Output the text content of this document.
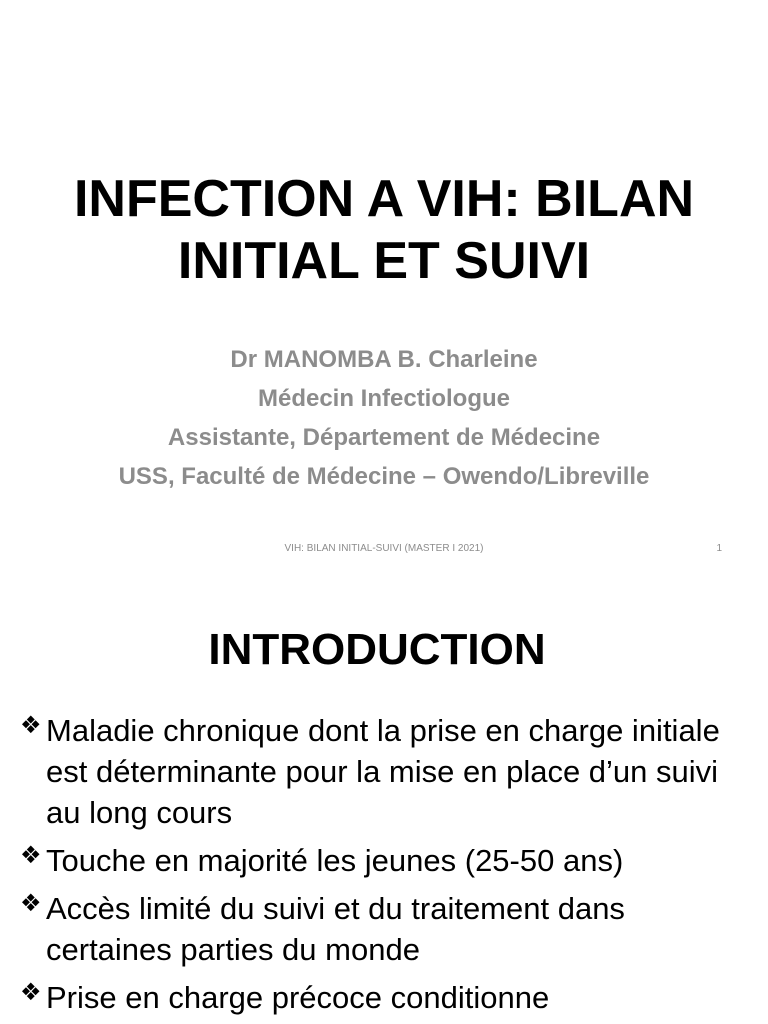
INFECTION A VIH: BILAN
INITIAL ET SUIVI
Dr MANOMBA B. Charleine
Médecin Infectiologue
Assistante, Département de Médecine
USS, Faculté de Médecine – Owendo/Libreville
VIH: BILAN INITIAL-SUIVI (MASTER I 2021)	1
INTRODUCTION
❖ Maladie chronique dont la prise en charge initiale est déterminante pour la mise en place d’un suivi au long cours
❖ Touche en majorité les jeunes (25-50 ans)
❖ Accès limité du suivi et du traitement dans certaines parties du monde
❖ Prise en charge précoce conditionne
